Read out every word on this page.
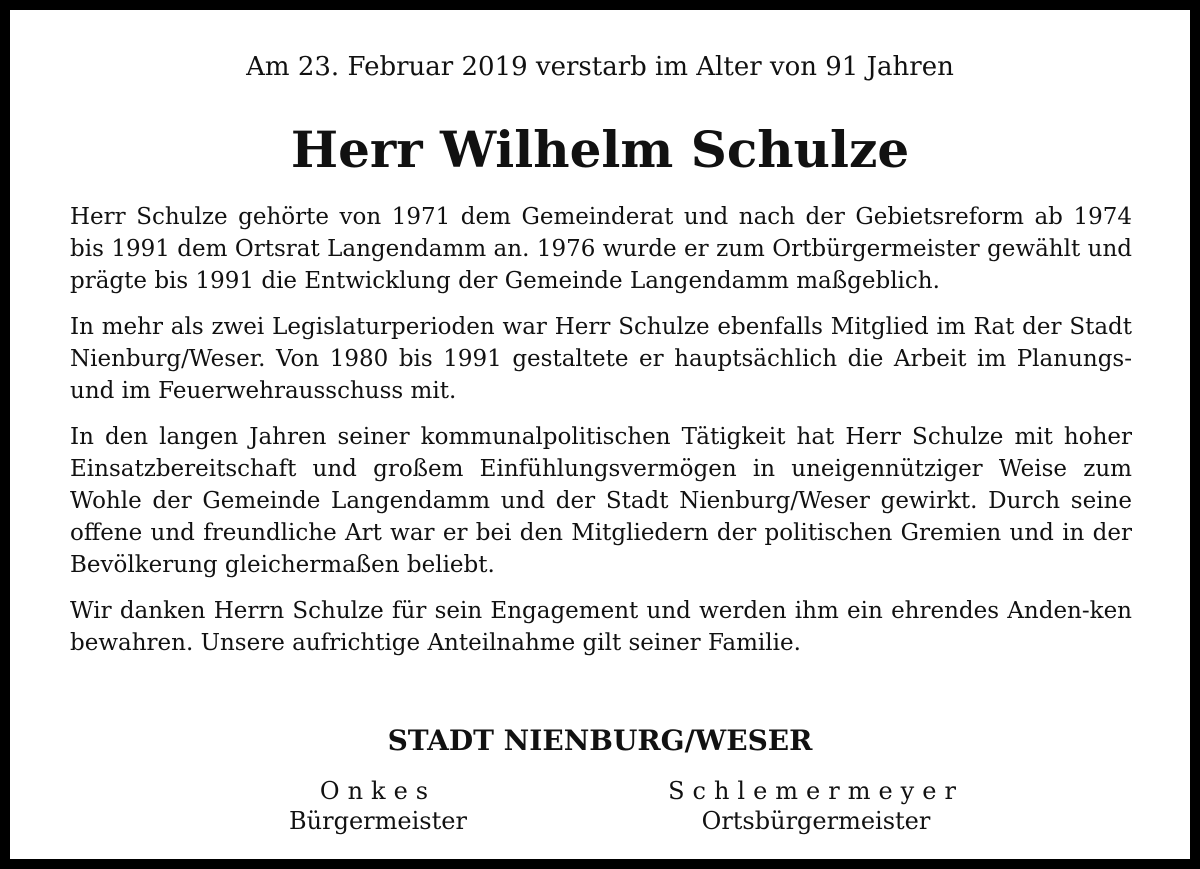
Am 23. Februar 2019 verstarb im Alter von 91 Jahren
Herr Wilhelm Schulze

Herr Schulze gehörte von 1971 dem Gemeinderat und nach der Gebietsreform ab 1974 bis 1991 dem Ortsrat Langendamm an. 1976 wurde er zum Ortbürgermeister gewählt und prägte bis 1991 die Entwicklung der Gemeinde Langendamm maßgeblich.

In mehr als zwei Legislaturperioden war Herr Schulze ebenfalls Mitglied im Rat der Stadt Nienburg/Weser. Von 1980 bis 1991 gestaltete er hauptsächlich die Arbeit im Planungs- und im Feuerwehrausschuss mit.

In den langen Jahren seiner kommunalpolitischen Tätigkeit hat Herr Schulze mit hoher Einsatzbereitschaft und großem Einfühlungsvermögen in uneigennütziger Weise zum Wohle der Gemeinde Langendamm und der Stadt Nienburg/Weser gewirkt. Durch seine offene und freundliche Art war er bei den Mitgliedern der politischen Gremien und in der Bevölkerung gleichermaßen beliebt.

Wir danken Herrn Schulze für sein Engagement und werden ihm ein ehrendes Anden-ken bewahren. Unsere aufrichtige Anteilnahme gilt seiner Familie.

STADT NIENBURG/WESER
Onkes
Bürgermeister
Schlemermeyer
Ortsbürgermeister
